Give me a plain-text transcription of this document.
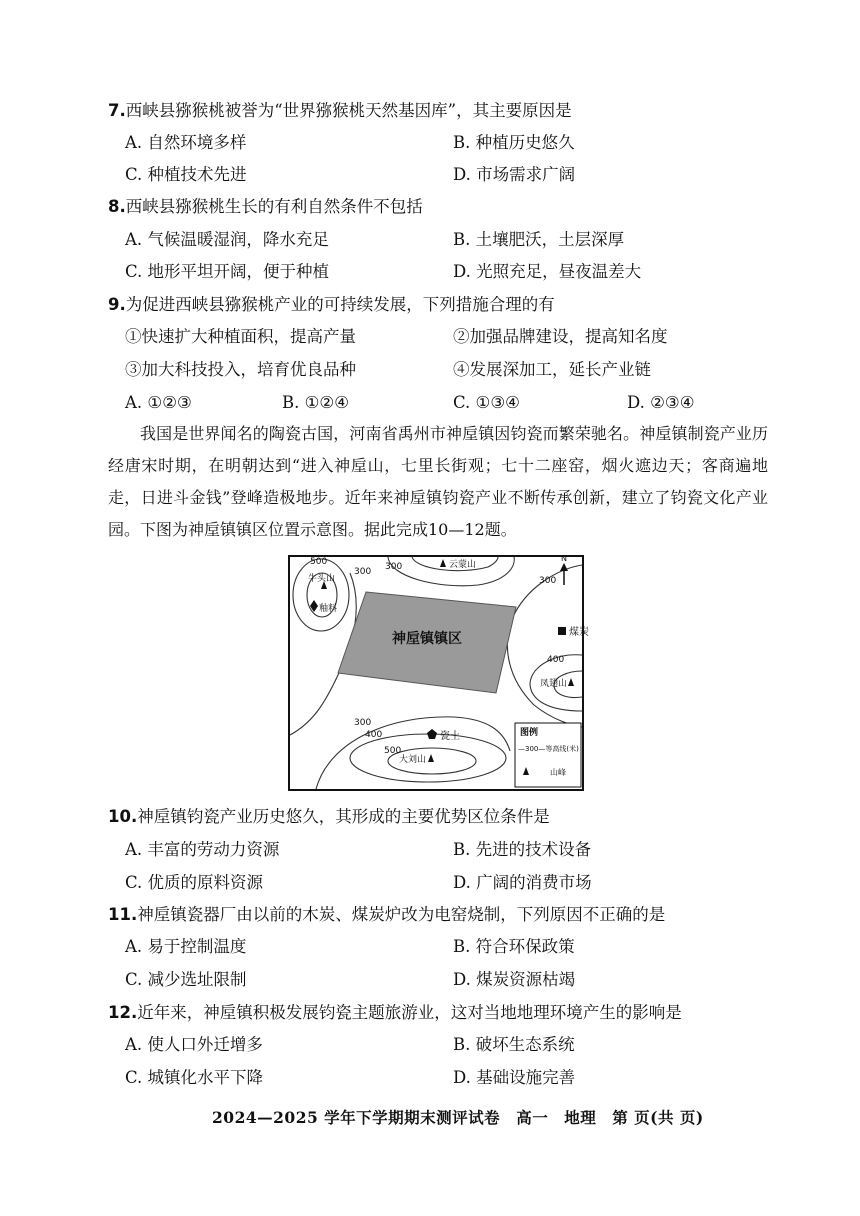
7.西峡县猕猴桃被誉为“世界猕猴桃天然基因库”，其主要原因是
A. 自然环境多样	B. 种植历史悠久
C. 种植技术先进	D. 市场需求广阔
8.西峡县猕猴桃生长的有利自然条件不包括
A. 气候温暖湿润，降水充足	B. 土壤肥沃，土层深厚
C. 地形平坦开阔，便于种植	D. 光照充足，昼夜温差大
9.为促进西峡县猕猴桃产业的可持续发展，下列措施合理的有
①快速扩大种植面积，提高产量	②加强品牌建设，提高知名度
③加大科技投入，培育优良品种	④发展深加工，延长产业链
A. ①②③	B. ①②④	C. ①③④	D. ②③④

我国是世界闻名的陶瓷古国，河南省禹州市神垕镇因钧瓷而繁荣驰名。神垕镇制瓷产业历经唐宋时期，在明朝达到“进入神垕山，七里长街观；七十二座窑，烟火遮边天；客商遍地走，日进斗金钱”登峰造极地步。近年来神垕镇钧瓷产业不断传承创新，建立了钧瓷文化产业园。下图为神垕镇镇区位置示意图。据此完成10—12题。

神垕镇镇区
N
500
300 300
300
400
300
400
500
牛头山
云蒙山
凤翅山
大刘山
釉料
煤炭
瓷土	图例
—300—等高线(米)
山峰
10.神垕镇钧瓷产业历史悠久，其形成的主要优势区位条件是
A. 丰富的劳动力资源	B. 先进的技术设备
C. 优质的原料资源	D. 广阔的消费市场
11.神垕镇瓷器厂由以前的木炭、煤炭炉改为电窑烧制，下列原因不正确的是
A. 易于控制温度	B. 符合环保政策
C. 减少选址限制	D. 煤炭资源枯竭
12.近年来，神垕镇积极发展钧瓷主题旅游业，这对当地地理环境产生的影响是
A. 使人口外迁增多	B. 破坏生态系统
C. 城镇化水平下降	D. 基础设施完善
2024—2025 学年下学期期末测评试卷 高一 地理 第 页(共 页)
